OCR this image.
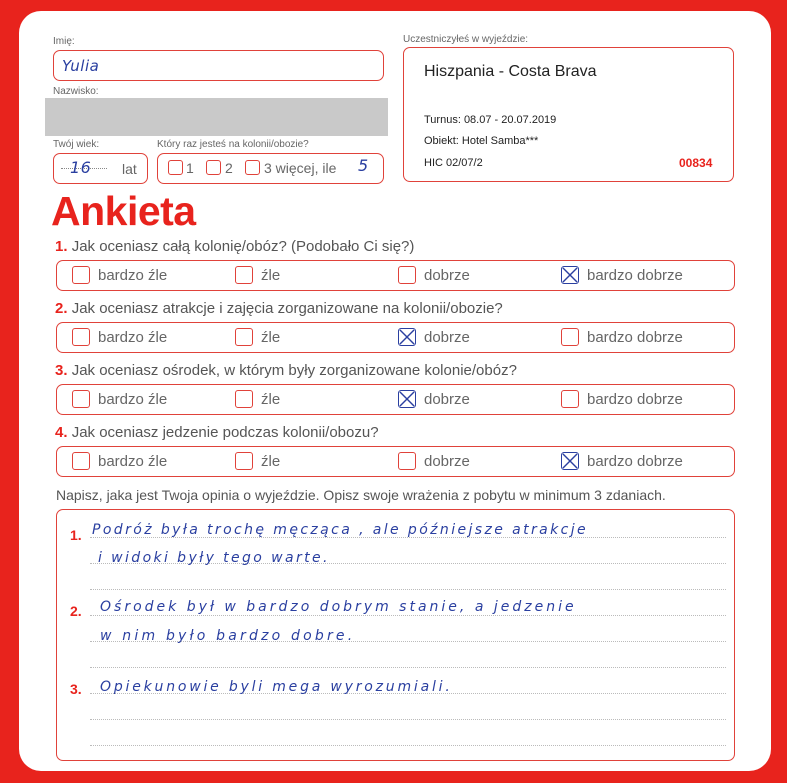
Imię:
Yulia
Nazwisko:
Twój wiek:
16 lat
Który raz jesteś na kolonii/obozie?
1 2 3 więcej, ile 5
Uczestniczyłeś w wyjeździe:
Hiszpania - Costa Brava
Turnus: 08.07 - 20.07.2019
Obiekt: Hotel Samba***
HIC 02/07/2	00834
Ankieta
1. Jak oceniasz całą kolonię/obóz? (Podobało Ci się?)
bardzo źle	źle	dobrze	bardzo dobrze
2. Jak oceniasz atrakcje i zajęcia zorganizowane na kolonii/obozie?
bardzo źle	źle	dobrze	bardzo dobrze
3. Jak oceniasz ośrodek, w którym były zorganizowane kolonie/obóz?
bardzo źle	źle	dobrze	bardzo dobrze
4. Jak oceniasz jedzenie podczas kolonii/obozu?
bardzo źle	źle	dobrze	bardzo dobrze
Napisz, jaka jest Twoja opinia o wyjeździe. Opisz swoje wrażenia z pobytu w minimum 3 zdaniach.
1. Podróż była trochę męcząca , ale późniejsze atrakcje
i widoki były tego warte.
2. Ośrodek był w bardzo dobrym stanie, a jedzenie
w nim było bardzo dobre.
3. Opiekunowie byli mega wyrozumiali.
